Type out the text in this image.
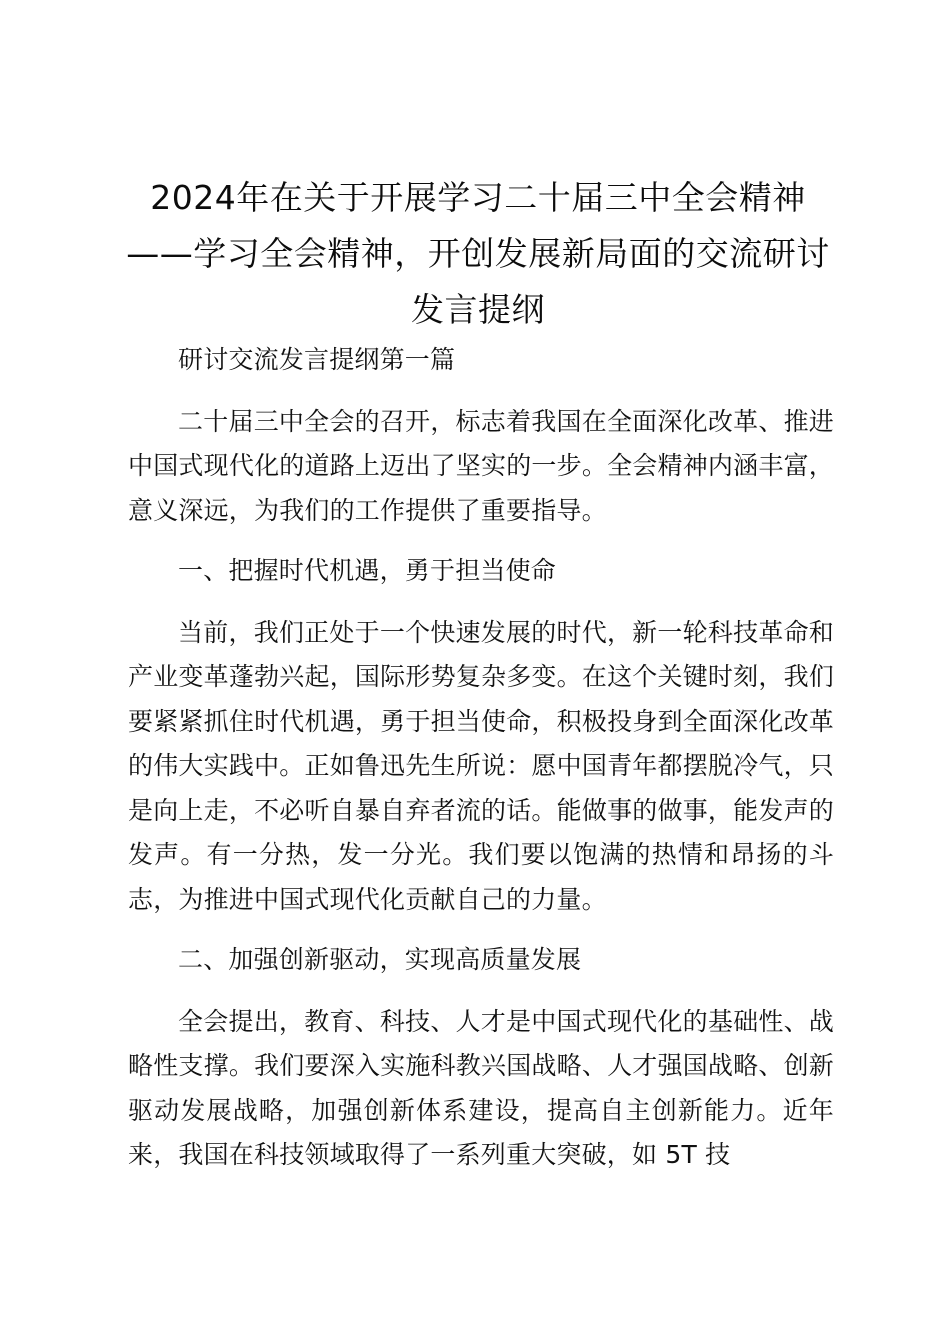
2024年在关于开展学习二十届三中全会精神——学习全会精神，开创发展新局面的交流研讨发言提纲

研讨交流发言提纲第一篇

二十届三中全会的召开，标志着我国在全面深化改革、推进中国式现代化的道路上迈出了坚实的一步。全会精神内涵丰富，意义深远，为我们的工作提供了重要指导。

一、把握时代机遇，勇于担当使命

当前，我们正处于一个快速发展的时代，新一轮科技革命和产业变革蓬勃兴起，国际形势复杂多变。在这个关键时刻，我们要紧紧抓住时代机遇，勇于担当使命，积极投身到全面深化改革的伟大实践中。正如鲁迅先生所说：愿中国青年都摆脱冷气，只是向上走，不必听自暴自弃者流的话。能做事的做事，能发声的发声。有一分热，发一分光。我们要以饱满的热情和昂扬的斗志，为推进中国式现代化贡献自己的力量。

二、加强创新驱动，实现高质量发展

全会提出，教育、科技、人才是中国式现代化的基础性、战略性支撑。我们要深入实施科教兴国战略、人才强国战略、创新驱动发展战略，加强创新体系建设，提高自主创新能力。近年来，我国在科技领域取得了一系列重大突破，如 5T 技
